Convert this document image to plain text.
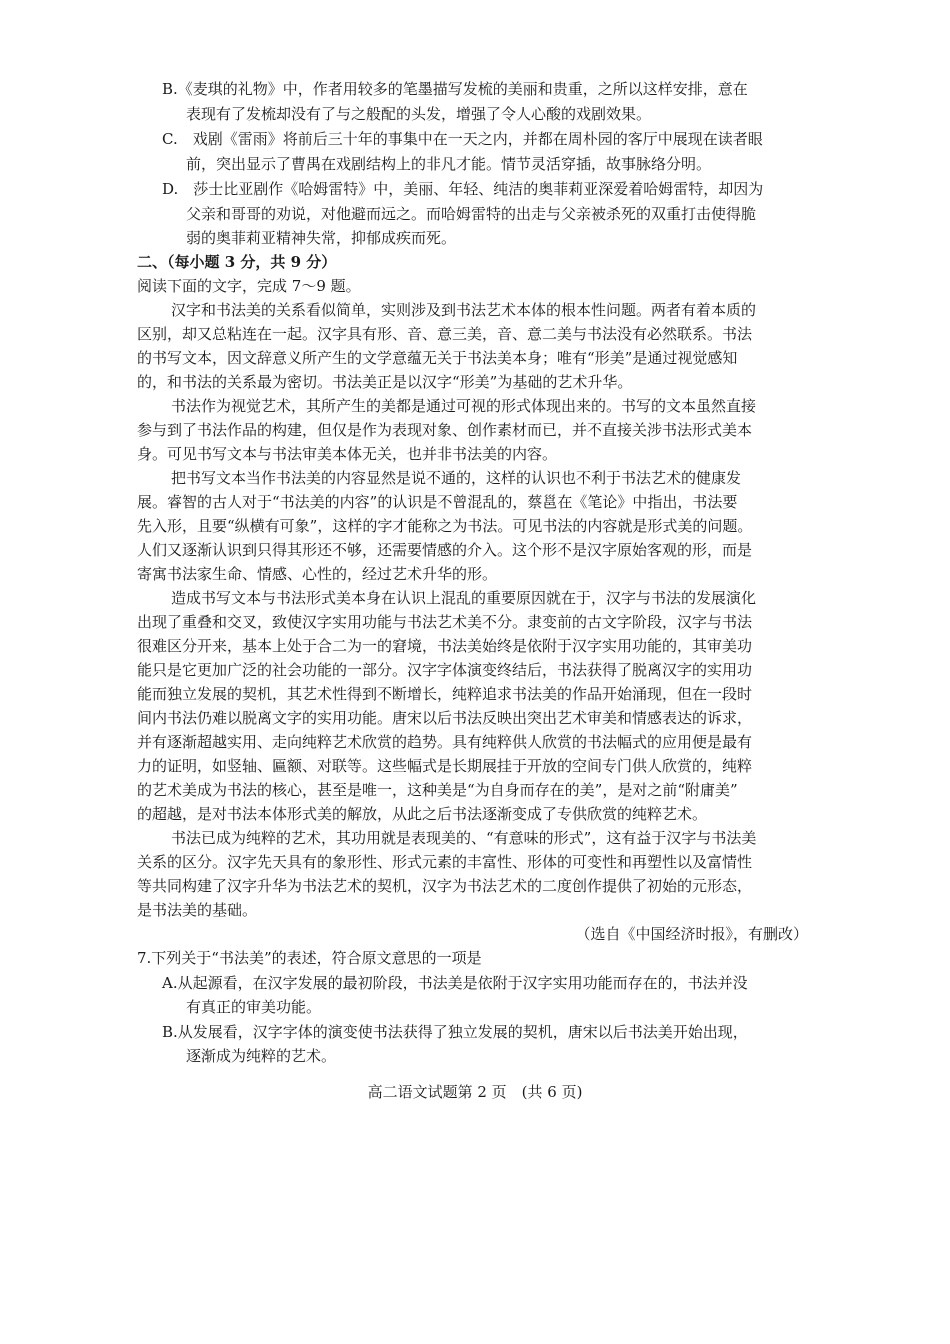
B.《麦琪的礼物》中，作者用较多的笔墨描写发梳的美丽和贵重，之所以这样安排，意在
表现有了发梳却没有了与之般配的头发，增强了令人心酸的戏剧效果。
C.　戏剧《雷雨》将前后三十年的事集中在一天之内，并都在周朴园的客厅中展现在读者眼
前，突出显示了曹禺在戏剧结构上的非凡才能。情节灵活穿插，故事脉络分明。
D.　莎士比亚剧作《哈姆雷特》中，美丽、年轻、纯洁的奥菲莉亚深爱着哈姆雷特，却因为
父亲和哥哥的劝说，对他避而远之。而哈姆雷特的出走与父亲被杀死的双重打击使得脆
弱的奥菲莉亚精神失常，抑郁成疾而死。
二、（每小题 3 分，共 9 分）
阅读下面的文字，完成 7～9 题。
汉字和书法美的关系看似简单，实则涉及到书法艺术本体的根本性问题。两者有着本质的
区别，却又总粘连在一起。汉字具有形、音、意三美，音、意二美与书法没有必然联系。书法
的书写文本，因文辞意义所产生的文学意蕴无关于书法美本身；唯有“形美”是通过视觉感知
的，和书法的关系最为密切。书法美正是以汉字“形美”为基础的艺术升华。
书法作为视觉艺术，其所产生的美都是通过可视的形式体现出来的。书写的文本虽然直接
参与到了书法作品的构建，但仅是作为表现对象、创作素材而已，并不直接关涉书法形式美本
身。可见书写文本与书法审美本体无关，也并非书法美的内容。
把书写文本当作书法美的内容显然是说不通的，这样的认识也不利于书法艺术的健康发
展。睿智的古人对于“书法美的内容”的认识是不曾混乱的，蔡邕在《笔论》中指出，书法要
先入形，且要“纵横有可象”，这样的字才能称之为书法。可见书法的内容就是形式美的问题。
人们又逐渐认识到只得其形还不够，还需要情感的介入。这个形不是汉字原始客观的形，而是
寄寓书法家生命、情感、心性的，经过艺术升华的形。
造成书写文本与书法形式美本身在认识上混乱的重要原因就在于，汉字与书法的发展演化
出现了重叠和交叉，致使汉字实用功能与书法艺术美不分。隶变前的古文字阶段，汉字与书法
很难区分开来，基本上处于合二为一的窘境，书法美始终是依附于汉字实用功能的，其审美功
能只是它更加广泛的社会功能的一部分。汉字字体演变终结后，书法获得了脱离汉字的实用功
能而独立发展的契机，其艺术性得到不断增长，纯粹追求书法美的作品开始涌现，但在一段时
间内书法仍难以脱离文字的实用功能。唐宋以后书法反映出突出艺术审美和情感表达的诉求，
并有逐渐超越实用、走向纯粹艺术欣赏的趋势。具有纯粹供人欣赏的书法幅式的应用便是最有
力的证明，如竖轴、匾额、对联等。这些幅式是长期展挂于开放的空间专门供人欣赏的，纯粹
的艺术美成为书法的核心，甚至是唯一，这种美是“为自身而存在的美”，是对之前“附庸美”
的超越，是对书法本体形式美的解放，从此之后书法逐渐变成了专供欣赏的纯粹艺术。
书法已成为纯粹的艺术，其功用就是表现美的、“有意味的形式”，这有益于汉字与书法美
关系的区分。汉字先天具有的象形性、形式元素的丰富性、形体的可变性和再塑性以及富情性
等共同构建了汉字升华为书法艺术的契机，汉字为书法艺术的二度创作提供了初始的元形态，
是书法美的基础。
（选自《中国经济时报》，有删改）
7.下列关于“书法美”的表述，符合原文意思的一项是
A.从起源看，在汉字发展的最初阶段，书法美是依附于汉字实用功能而存在的，书法并没
有真正的审美功能。
B.从发展看，汉字字体的演变使书法获得了独立发展的契机，唐宋以后书法美开始出现，
逐渐成为纯粹的艺术。
高二语文试题第 2 页　(共 6 页)
